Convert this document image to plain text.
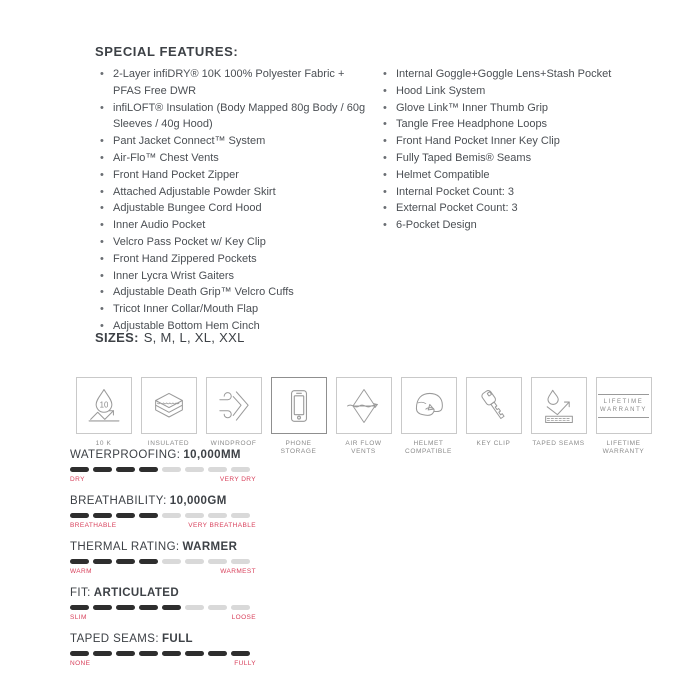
SPECIAL FEATURES:
• 2-Layer infiDRY® 10K 100% Polyester Fabric + PFAS Free DWR
• infiLOFT® Insulation (Body Mapped 80g Body / 60g Sleeves / 40g Hood)
• Pant Jacket Connect™ System
• Air-Flo™ Chest Vents
• Front Hand Pocket Zipper
• Attached Adjustable Powder Skirt
• Adjustable Bungee Cord Hood
• Inner Audio Pocket
• Velcro Pass Pocket w/ Key Clip
• Front Hand Zippered Pockets
• Inner Lycra Wrist Gaiters
• Adjustable Death Grip™ Velcro Cuffs
• Tricot Inner Collar/Mouth Flap
• Adjustable Bottom Hem Cinch
• Internal Goggle+Goggle Lens+Stash Pocket
• Hood Link System
• Glove Link™ Inner Thumb Grip
• Tangle Free Headphone Loops
• Front Hand Pocket Inner Key Clip
• Fully Taped Bemis® Seams
• Helmet Compatible
• Internal Pocket Count: 3
• External Pocket Count: 3
• 6-Pocket Design
SIZES: S, M, L, XL, XXL
10
10 K	INSULATED	WINDPROOF	PHONE STORAGE
AIR FLOW VENTS
HELMET COMPATIBLE
KEY CLIP	TAPED SEAMS
LIFETIME
WARRANTY
LIFETIME WARRANTY
WATERPROOFING: 10,000MM
DRY	VERY DRY
BREATHABILITY: 10,000GM
BREATHABLE	VERY BREATHABLE
THERMAL RATING: WARMER
WARM	WARMEST
FIT: ARTICULATED
SLIM	LOOSE
TAPED SEAMS: FULL
NONE	FULLY
